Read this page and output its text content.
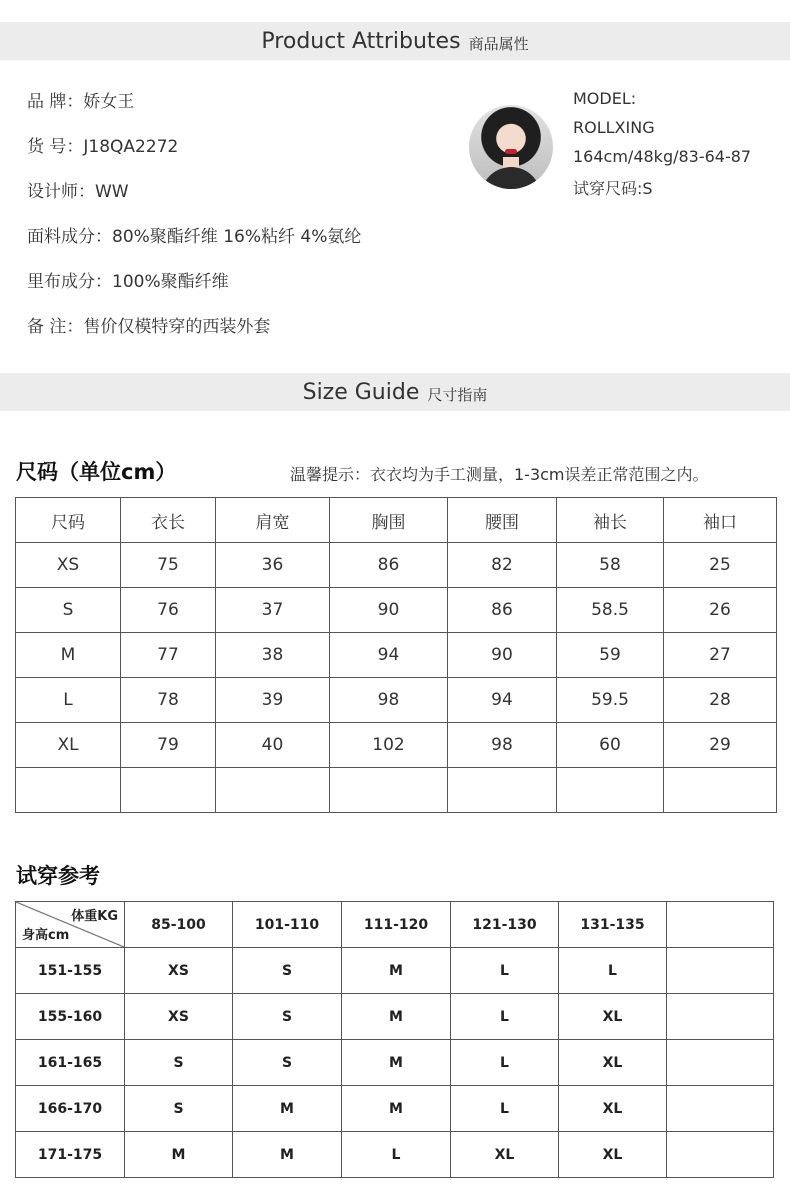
Product Attributes 商品属性
品 牌：娇女王
货 号：J18QA2272
设计师：WW
面料成分：80%聚酯纤维 16%粘纤 4%氨纶
里布成分：100%聚酯纤维
备 注：售价仅模特穿的西装外套
MODEL:
ROLLXING
164cm/48kg/83-64-87
试穿尺码:S
Size Guide 尺寸指南
尺码（单位cm）	温馨提示：衣衣均为手工测量，1-3cm误差正常范围之内。
尺码	衣长	肩宽	胸围	腰围	袖长	袖口
XS	75	36	86	82	58	25
S	76	37	90	86	58.5	26
M	77	38	94	90	59	27
L	78	39	98	94	59.5	28
XL	79	40	102	98	60	29

试穿参考
体重KG
身高cm	85-100	101-110	111-120	121-130	131-135	
151-155	XS	S	M	L	L	
155-160	XS	S	M	L	XL	
161-165	S	S	M	L	XL	
166-170	S	M	M	L	XL	
171-175	M	M	L	XL	XL	
